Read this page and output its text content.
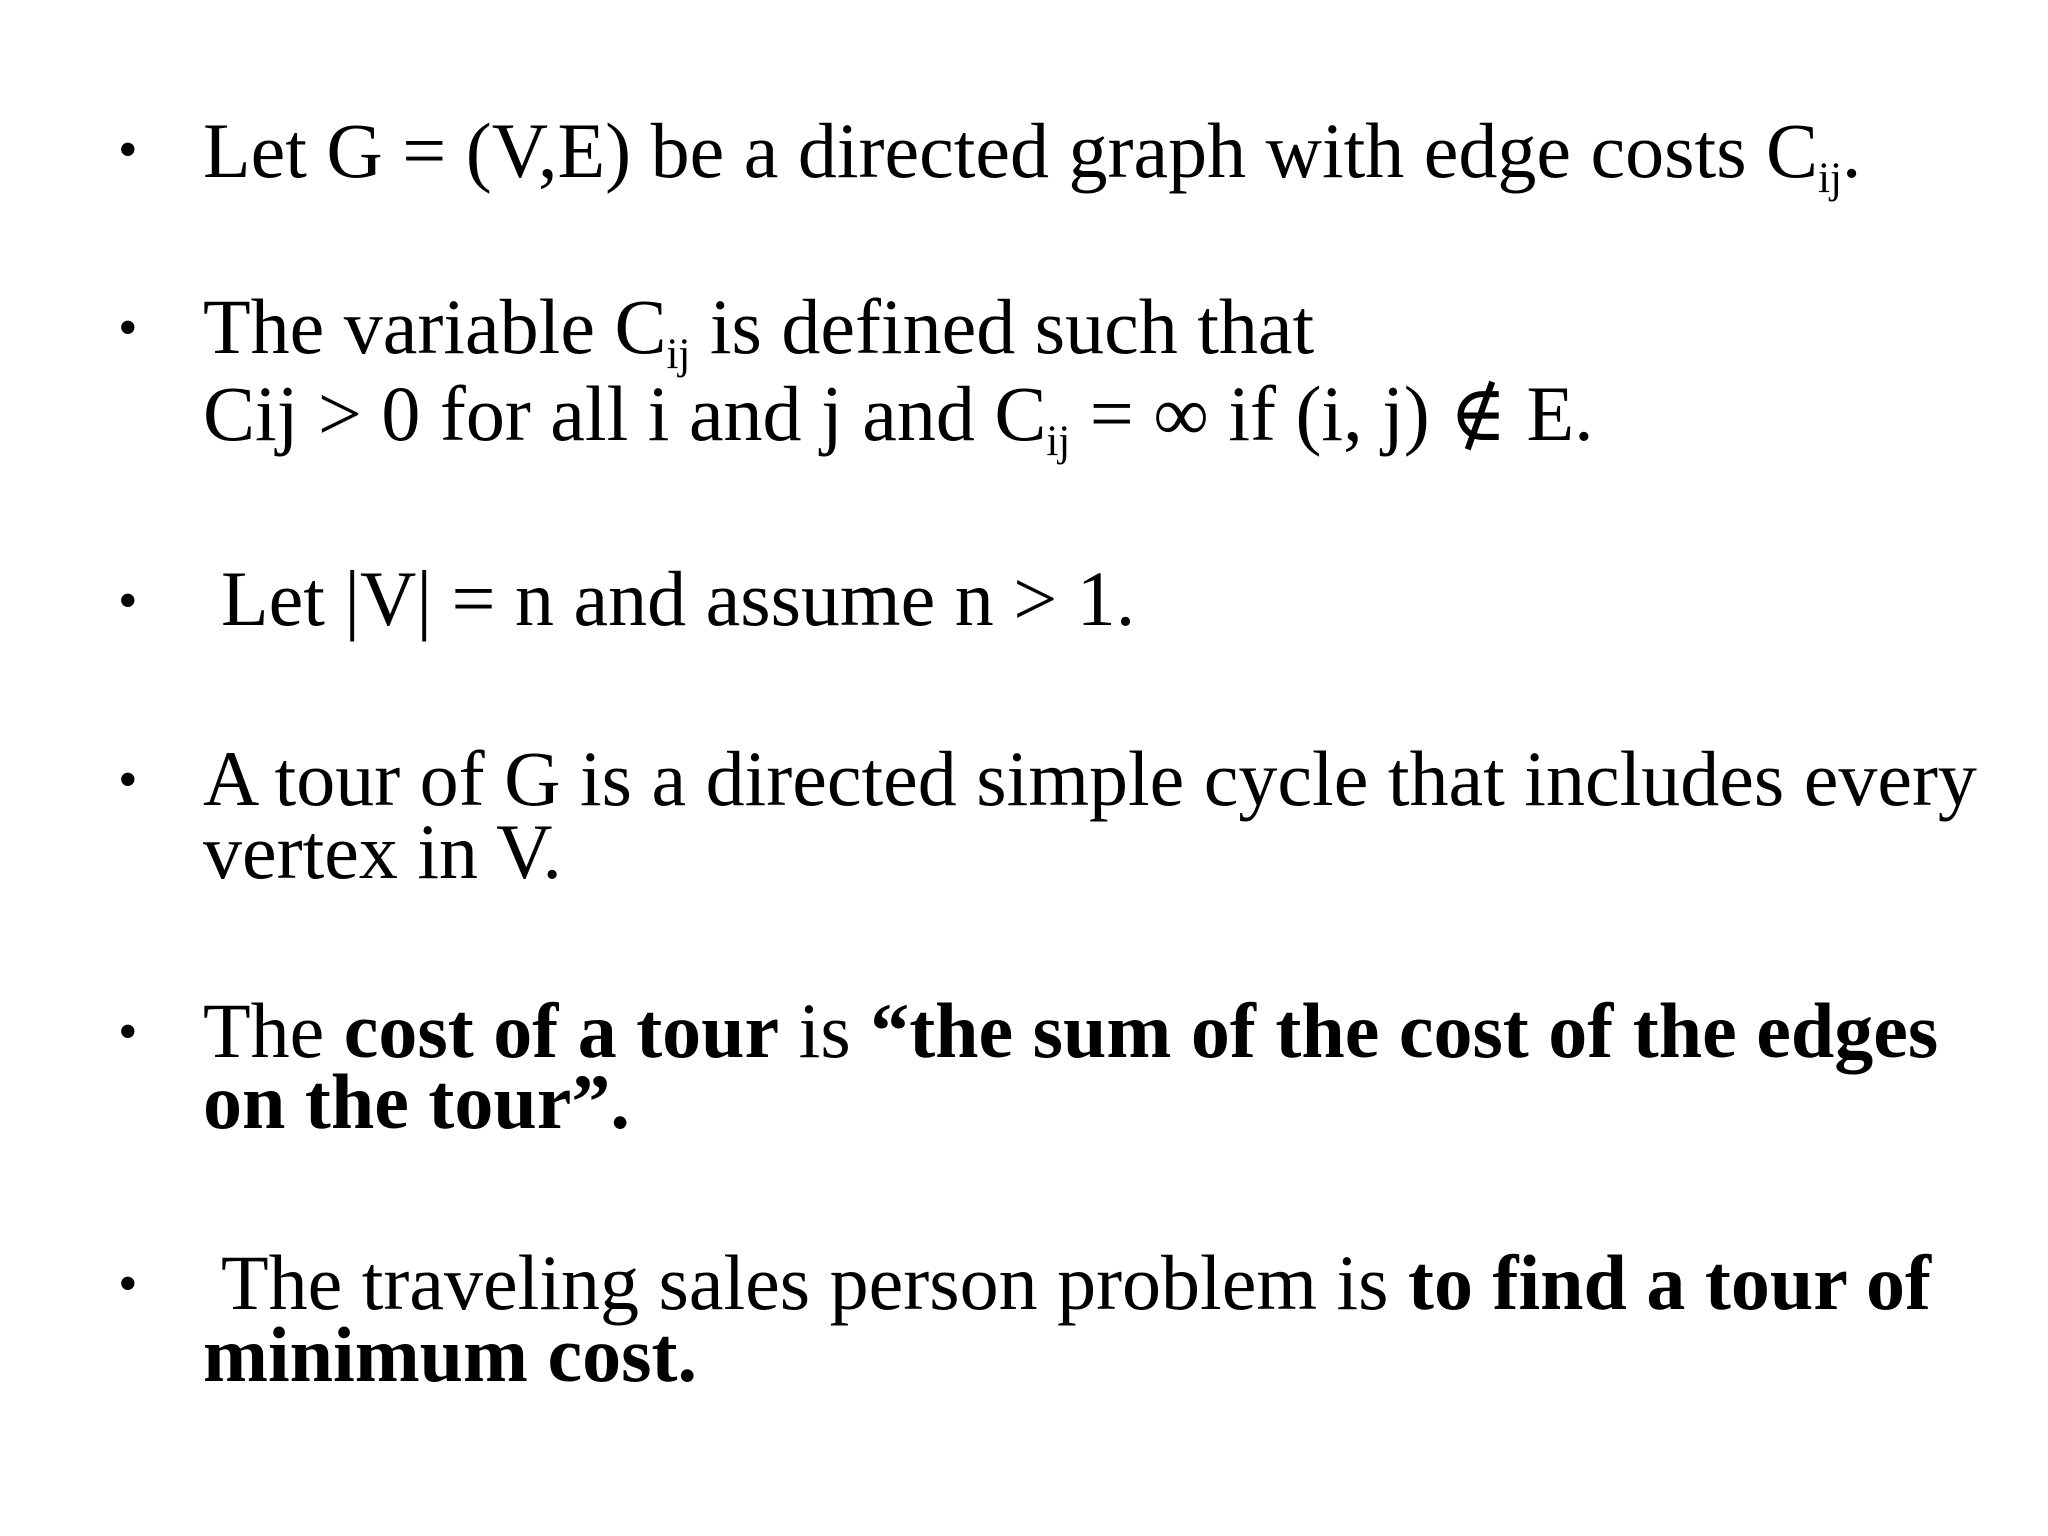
• Let G = (V,E) be a directed graph with edge costs $C_{ij}$.
• The variable $C_{ij}$ is defined such that
Cij > 0 for all i and j and $C_{ij}$ = ∞ if (i, j) ∉ E.
• Let |V| = n and assume n > 1.
• A tour of G is a directed simple cycle that includes every
vertex in V.
• The cost of a tour is “the sum of the cost of the edges
on the tour”.
• The traveling sales person problem is to find a tour of
minimum cost.
